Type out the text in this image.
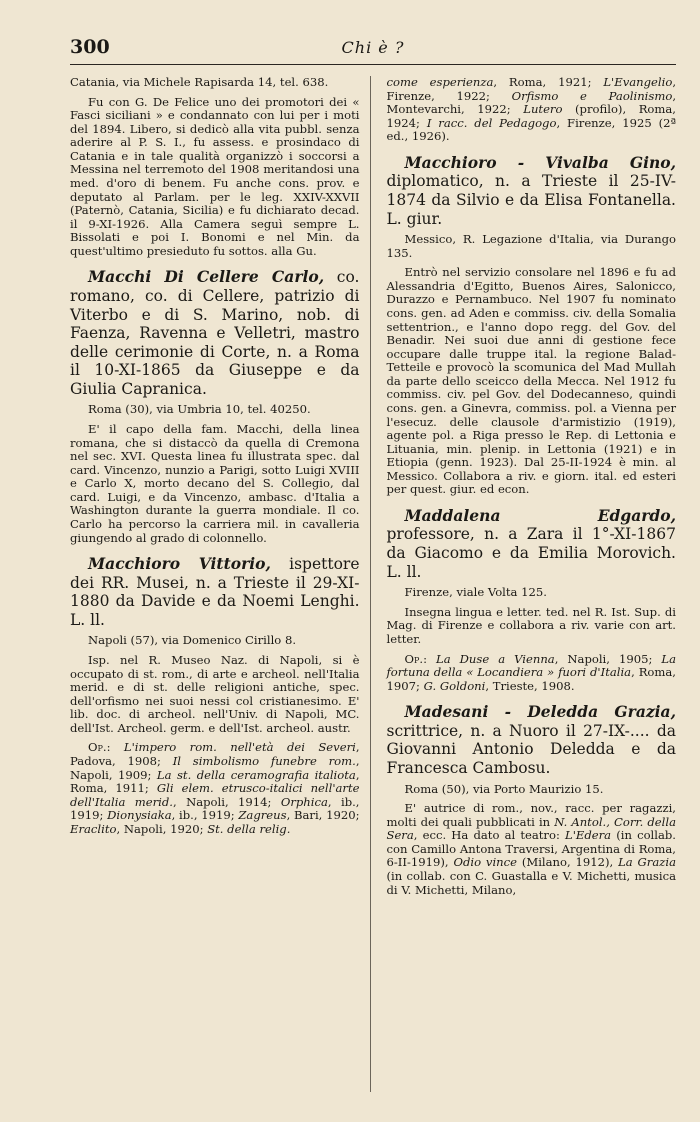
300	Chi è ?

Catania, via Michele Rapisarda 14, tel. 638.

Fu con G. De Felice uno dei promotori dei « Fasci siciliani » e condannato con lui per i moti del 1894. Libero, si dedicò alla vita pubbl. senza aderire al P. S. I., fu assess. e prosindaco di Catania e in tale qualità organizzò i soccorsi a Messina nel terremoto del 1908 meritandosi una med. d'oro di benem. Fu anche cons. prov. e deputato al Parlam. per le leg. XXIV-XXVII (Paternò, Catania, Sicilia) e fu dichiarato decad. il 9-XI-1926. Alla Camera seguì sempre L. Bissolati e poi I. Bonomi e nel Min. da quest'ultimo presieduto fu sottos. alla Gu.

Macchi Di Cellere Carlo, co. romano, co. di Cellere, patrizio di Viterbo e di S. Marino, nob. di Faenza, Ravenna e Velletri, mastro delle cerimonie di Corte, n. a Roma il 10-XI-1865 da Giuseppe e da Giulia Capranica.

Roma (30), via Umbria 10, tel. 40250.

E' il capo della fam. Macchi, della linea romana, che si distaccò da quella di Cremona nel sec. XVI. Questa linea fu illustrata spec. dal card. Vincenzo, nunzio a Parigi, sotto Luigi XVIII e Carlo X, morto decano del S. Collegio, dal card. Luigi, e da Vincenzo, ambasc. d'Italia a Washington durante la guerra mondiale. Il co. Carlo ha percorso la carriera mil. in cavalleria giungendo al grado di colonnello.

Macchioro Vittorio, ispettore dei RR. Musei, n. a Trieste il 29-XI-1880 da Davide e da Noemi Lenghi. L. ll.

Napoli (57), via Domenico Cirillo 8.

Isp. nel R. Museo Naz. di Napoli, si è occupato di st. rom., di arte e archeol. nell'Italia merid. e di st. delle religioni antiche, spec. dell'orfismo nei suoi nessi col cristianesimo. E' lib. doc. di archeol. nell'Univ. di Napoli, MC. dell'Ist. Archeol. germ. e dell'Ist. archeol. austr.

Op.: L'impero rom. nell'età dei Severi, Padova, 1908; Il simbolismo funebre rom., Napoli, 1909; La st. della ceramografia italiota, Roma, 1911; Gli elem. etrusco-italici nell'arte dell'Italia merid., Napoli, 1914; Orphica, ib., 1919; Dionysiaka, ib., 1919; Zagreus, Bari, 1920; Eraclito, Napoli, 1920; St. della relig.

come esperienza, Roma, 1921; L'Evangelio, Firenze, 1922; Orfismo e Paolinismo, Montevarchi, 1922; Lutero (profilo), Roma, 1924; I racc. del Pedagogo, Firenze, 1925 (2ª ed., 1926).

Macchioro - Vivalba Gino, diplomatico, n. a Trieste il 25-IV-1874 da Silvio e da Elisa Fontanella. L. giur.

Messico, R. Legazione d'Italia, via Durango 135.

Entrò nel servizio consolare nel 1896 e fu ad Alessandria d'Egitto, Buenos Aires, Salonicco, Durazzo e Pernambuco. Nel 1907 fu nominato cons. gen. ad Aden e commiss. civ. della Somalia settentrion., e l'anno dopo regg. del Gov. del Benadir. Nei suoi due anni di gestione fece occupare dalle truppe ital. la regione Balad-Tetteile e provocò la scomunica del Mad Mullah da parte dello sceicco della Mecca. Nel 1912 fu commiss. civ. pel Gov. del Dodecanneso, quindi cons. gen. a Ginevra, commiss. pol. a Vienna per l'esecuz. delle clausole d'armistizio (1919), agente pol. a Riga presso le Rep. di Lettonia e Lituania, min. plenip. in Lettonia (1921) e in Etiopia (genn. 1923). Dal 25-II-1924 è min. al Messico. Collabora a riv. e giorn. ital. ed esteri per quest. giur. ed econ.

Maddalena Edgardo, professore, n. a Zara il 1°-XI-1867 da Giacomo e da Emilia Morovich. L. ll.

Firenze, viale Volta 125.

Insegna lingua e letter. ted. nel R. Ist. Sup. di Mag. di Firenze e collabora a riv. varie con art. letter.

Op.: La Duse a Vienna, Napoli, 1905; La fortuna della « Locandiera » fuori d'Italia, Roma, 1907; G. Goldoni, Trieste, 1908.

Madesani - Deledda Grazia, scrittrice, n. a Nuoro il 27-IX-.... da Giovanni Antonio Deledda e da Francesca Cambosu.

Roma (50), via Porto Maurizio 15.

E' autrice di rom., nov., racc. per ragazzi, molti dei quali pubblicati in N. Antol., Corr. della Sera, ecc. Ha dato al teatro: L'Edera (in collab. con Camillo Antona Traversi, Argentina di Roma, 6-II-1919), Odio vince (Milano, 1912), La Grazia (in collab. con C. Guastalla e V. Michetti, musica di V. Michetti, Milano,
